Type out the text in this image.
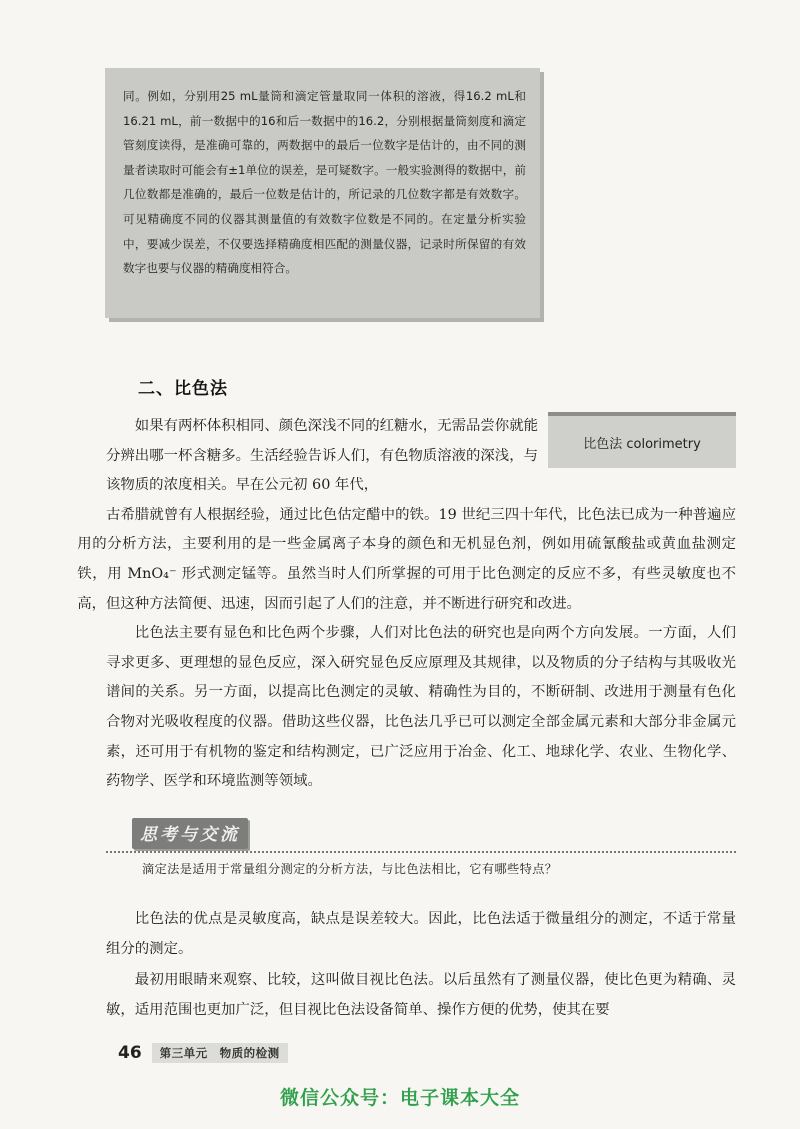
同。例如，分别用25 mL量筒和滴定管量取同一体积的溶液，得16.2 mL和16.21 mL，前一数据中的16和后一数据中的16.2，分别根据量筒刻度和滴定管刻度读得，是准确可靠的，两数据中的最后一位数字是估计的，由不同的测量者读取时可能会有±1单位的误差，是可疑数字。一般实验测得的数据中，前几位数都是准确的，最后一位数是估计的，所记录的几位数字都是有效数字。可见精确度不同的仪器其测量值的有效数字位数是不同的。在定量分析实验中，要减少误差，不仅要选择精确度相匹配的测量仪器，记录时所保留的有效数字也要与仪器的精确度相符合。
二、比色法
比色法 colorimetry

如果有两杯体积相同、颜色深浅不同的红糖水，无需品尝你就能分辨出哪一杯含糖多。生活经验告诉人们，有色物质溶液的深浅，与该物质的浓度相关。早在公元初 60 年代，
古希腊就曾有人根据经验，通过比色估定醋中的铁。19 世纪三四十年代，比色法已成为一种普遍应用的分析方法，主要利用的是一些金属离子本身的颜色和无机显色剂，例如用硫氰酸盐或黄血盐测定铁，用 MnO₄⁻ 形式测定锰等。虽然当时人们所掌握的可用于比色测定的反应不多，有些灵敏度也不高，但这种方法简便、迅速，因而引起了人们的注意，并不断进行研究和改进。

比色法主要有显色和比色两个步骤，人们对比色法的研究也是向两个方向发展。一方面，人们寻求更多、更理想的显色反应，深入研究显色反应原理及其规律，以及物质的分子结构与其吸收光谱间的关系。另一方面，以提高比色测定的灵敏、精确性为目的，不断研制、改进用于测量有色化合物对光吸收程度的仪器。借助这些仪器，比色法几乎已可以测定全部金属元素和大部分非金属元素，还可用于有机物的鉴定和结构测定，已广泛应用于冶金、化工、地球化学、农业、生物化学、药物学、医学和环境监测等领域。

思考与交流
滴定法是适用于常量组分测定的分析方法，与比色法相比，它有哪些特点？

比色法的优点是灵敏度高，缺点是误差较大。因此，比色法适于微量组分的测定，不适于常量组分的测定。

最初用眼睛来观察、比较，这叫做目视比色法。以后虽然有了测量仪器，使比色更为精确、灵敏，适用范围也更加广泛，但目视比色法设备简单、操作方便的优势，使其在要

46	第三单元　物质的检测
微信公众号：电子课本大全
